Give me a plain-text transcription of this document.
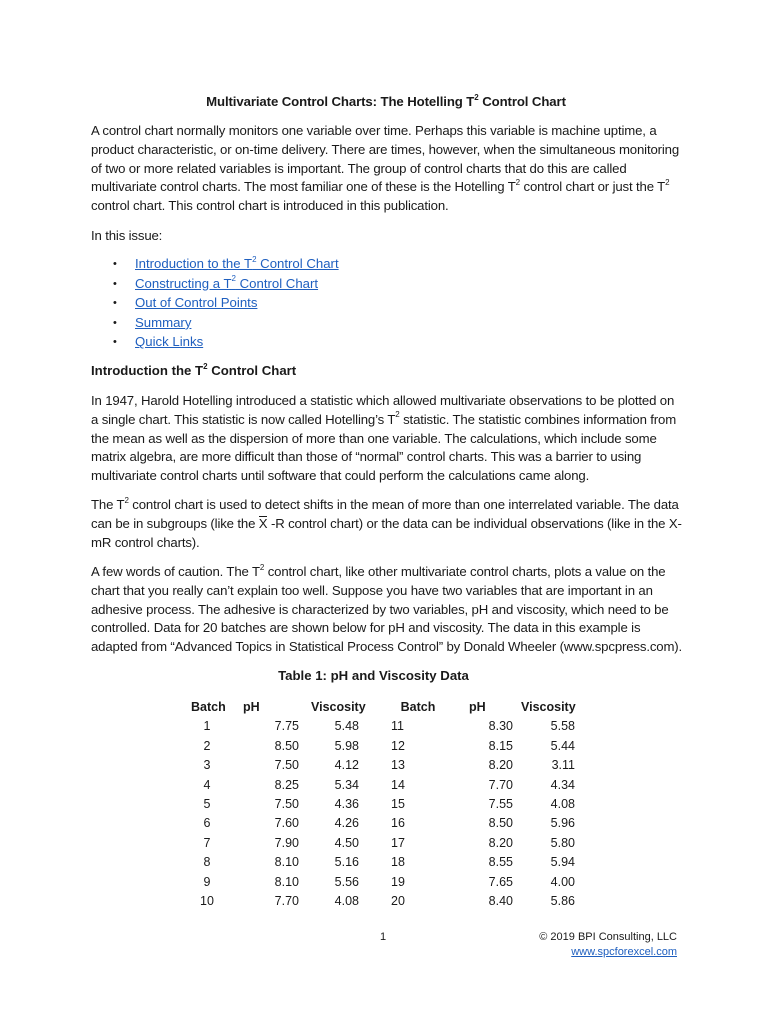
Multivariate Control Charts: The Hotelling $T^2$ Control Chart
A control chart normally monitors one variable over time. Perhaps this variable is machine uptime, a product characteristic, or on-time delivery. There are times, however, when the simultaneous monitoring of two or more related variables is important. The group of control charts that do this are called multivariate control charts. The most familiar one of these is the Hotelling $T^2$ control chart or just the $T^2$ control chart. This control chart is introduced in this publication.
In this issue:
• Introduction to the $T^2$ Control Chart
• Constructing a $T^2$ Control Chart
• Out of Control Points
• Summary
• Quick Links
Introduction the $T^2$ Control Chart
In 1947, Harold Hotelling introduced a statistic which allowed multivariate observations to be plotted on a single chart. This statistic is now called Hotelling’s $T^2$ statistic. The statistic combines information from the mean as well as the dispersion of more than one variable. The calculations, which include some matrix algebra, are more difficult than those of “normal” control charts. This was a barrier to using multivariate control charts until software that could perform the calculations came along.
The $T^2$ control chart is used to detect shifts in the mean of more than one interrelated variable. The data can be in subgroups (like the X -R control chart) or the data can be individual observations (like in the X-mR control charts).
A few words of caution. The $T^2$ control chart, like other multivariate control charts, plots a value on the chart that you really can’t explain too well. Suppose you have two variables that are important in an adhesive process. The adhesive is characterized by two variables, pH and viscosity, which need to be controlled. Data for 20 batches are shown below for pH and viscosity. The data in this example is adapted from “Advanced Topics in Statistical Process Control” by Donald Wheeler (www.spcpress.com).
Table 1: pH and Viscosity Data
Batch pH	Viscosity	Batch	pH	Viscosity
1	7.75	5.48	11	8.30	5.58
2	8.50	5.98	12	8.15	5.44
3	7.50	4.12	13	8.20	3.11
4	8.25	5.34	14	7.70	4.34
5	7.50	4.36	15	7.55	4.08
6	7.60	4.26	16	8.50	5.96
7	7.90	4.50	17	8.20	5.80
8	8.10	5.16	18	8.55	5.94
9	8.10	5.56	19	7.65	4.00
10	7.70	4.08	20	8.40	5.86
1	© 2019 BPI Consulting, LLC
www.spcforexcel.com
